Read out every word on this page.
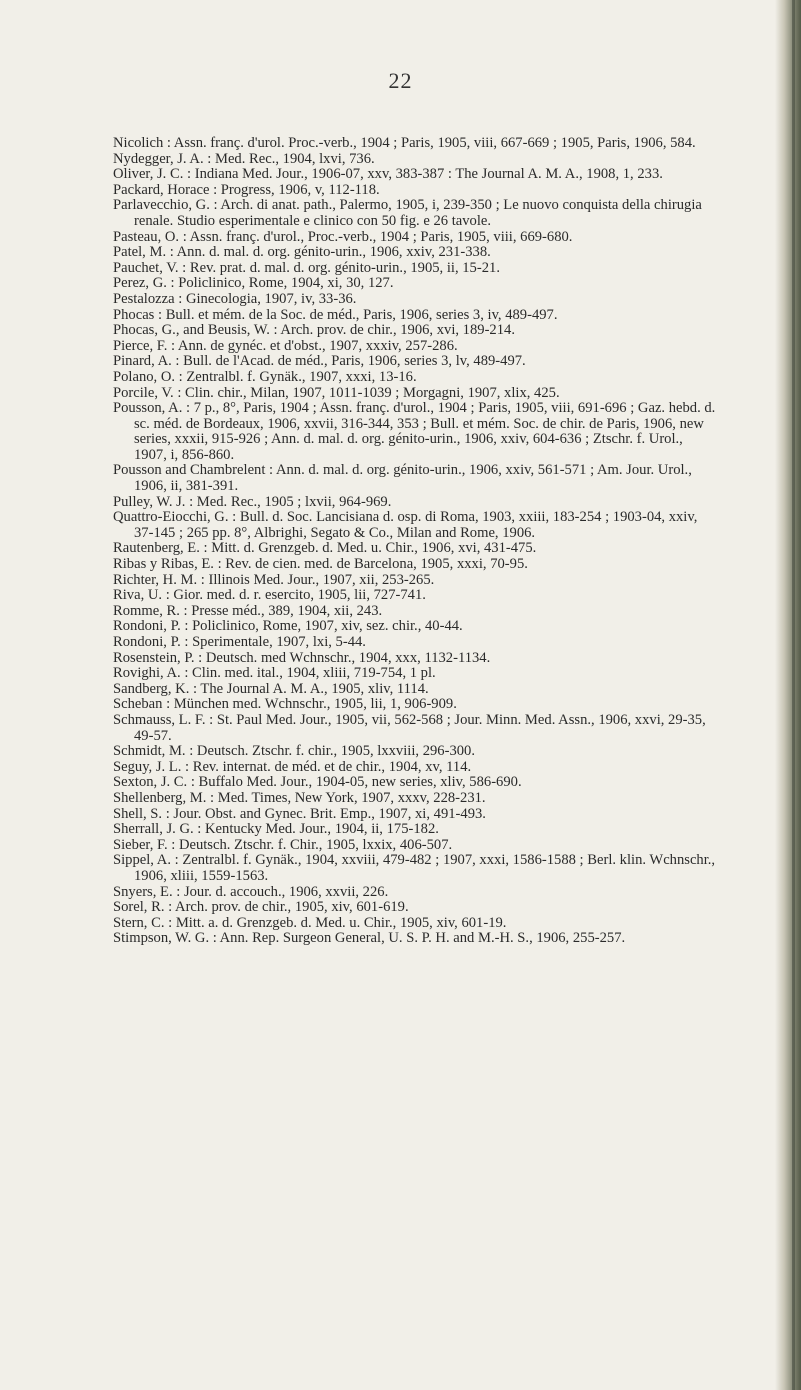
22

Nicolich : Assn. franç. d'urol. Proc.-verb., 1904 ; Paris, 1905, viii, 667-669 ; 1905, Paris, 1906, 584.

Nydegger, J. A. : Med. Rec., 1904, lxvi, 736.

Oliver, J. C. : Indiana Med. Jour., 1906-07, xxv, 383-387 : The Journal A. M. A., 1908, 1, 233.

Packard, Horace : Progress, 1906, v, 112-118.

Parlavecchio, G. : Arch. di anat. path., Palermo, 1905, i, 239-350 ; Le nuovo conquista della chirugia renale. Studio esperimentale e clinico con 50 fig. e 26 tavole.

Pasteau, O. : Assn. franç. d'urol., Proc.-verb., 1904 ; Paris, 1905, viii, 669-680.

Patel, M. : Ann. d. mal. d. org. génito-urin., 1906, xxiv, 231-338.

Pauchet, V. : Rev. prat. d. mal. d. org. génito-urin., 1905, ii, 15-21.

Perez, G. : Policlinico, Rome, 1904, xi, 30, 127.

Pestalozza : Ginecologia, 1907, iv, 33-36.

Phocas : Bull. et mém. de la Soc. de méd., Paris, 1906, series 3, iv, 489-497.

Phocas, G., and Beusis, W. : Arch. prov. de chir., 1906, xvi, 189-214.

Pierce, F. : Ann. de gynéc. et d'obst., 1907, xxxiv, 257-286.

Pinard, A. : Bull. de l'Acad. de méd., Paris, 1906, series 3, lv, 489-497.

Polano, O. : Zentralbl. f. Gynäk., 1907, xxxi, 13-16.

Porcile, V. : Clin. chir., Milan, 1907, 1011-1039 ; Morgagni, 1907, xlix, 425.

Pousson, A. : 7 p., 8°, Paris, 1904 ; Assn. franç. d'urol., 1904 ; Paris, 1905, viii, 691-696 ; Gaz. hebd. d. sc. méd. de Bordeaux, 1906, xxvii, 316-344, 353 ; Bull. et mém. Soc. de chir. de Paris, 1906, new series, xxxii, 915-926 ; Ann. d. mal. d. org. génito-urin., 1906, xxiv, 604-636 ; Ztschr. f. Urol., 1907, i, 856-860.

Pousson and Chambrelent : Ann. d. mal. d. org. génito-urin., 1906, xxiv, 561-571 ; Am. Jour. Urol., 1906, ii, 381-391.

Pulley, W. J. : Med. Rec., 1905 ; lxvii, 964-969.

Quattro-Eiocchi, G. : Bull. d. Soc. Lancisiana d. osp. di Roma, 1903, xxiii, 183-254 ; 1903-04, xxiv, 37-145 ; 265 pp. 8°, Albrighi, Segato & Co., Milan and Rome, 1906.

Rautenberg, E. : Mitt. d. Grenzgeb. d. Med. u. Chir., 1906, xvi, 431-475.

Ribas y Ribas, E. : Rev. de cien. med. de Barcelona, 1905, xxxi, 70-95.

Richter, H. M. : Illinois Med. Jour., 1907, xii, 253-265.

Riva, U. : Gior. med. d. r. esercito, 1905, lii, 727-741.

Romme, R. : Presse méd., 389, 1904, xii, 243.

Rondoni, P. : Policlinico, Rome, 1907, xiv, sez. chir., 40-44.

Rondoni, P. : Sperimentale, 1907, lxi, 5-44.

Rosenstein, P. : Deutsch. med Wchnschr., 1904, xxx, 1132-1134.

Rovighi, A. : Clin. med. ital., 1904, xliii, 719-754, 1 pl.

Sandberg, K. : The Journal A. M. A., 1905, xliv, 1114.

Scheban : München med. Wchnschr., 1905, lii, 1, 906-909.

Schmauss, L. F. : St. Paul Med. Jour., 1905, vii, 562-568 ; Jour. Minn. Med. Assn., 1906, xxvi, 29-35, 49-57.

Schmidt, M. : Deutsch. Ztschr. f. chir., 1905, lxxviii, 296-300.

Seguy, J. L. : Rev. internat. de méd. et de chir., 1904, xv, 114.

Sexton, J. C. : Buffalo Med. Jour., 1904-05, new series, xliv, 586-690.

Shellenberg, M. : Med. Times, New York, 1907, xxxv, 228-231.

Shell, S. : Jour. Obst. and Gynec. Brit. Emp., 1907, xi, 491-493.

Sherrall, J. G. : Kentucky Med. Jour., 1904, ii, 175-182.

Sieber, F. : Deutsch. Ztschr. f. Chir., 1905, lxxix, 406-507.

Sippel, A. : Zentralbl. f. Gynäk., 1904, xxviii, 479-482 ; 1907, xxxi, 1586-1588 ; Berl. klin. Wchnschr., 1906, xliii, 1559-1563.

Snyers, E. : Jour. d. accouch., 1906, xxvii, 226.

Sorel, R. : Arch. prov. de chir., 1905, xiv, 601-619.

Stern, C. : Mitt. a. d. Grenzgeb. d. Med. u. Chir., 1905, xiv, 601-19.

Stimpson, W. G. : Ann. Rep. Surgeon General, U. S. P. H. and M.-H. S., 1906, 255-257.
